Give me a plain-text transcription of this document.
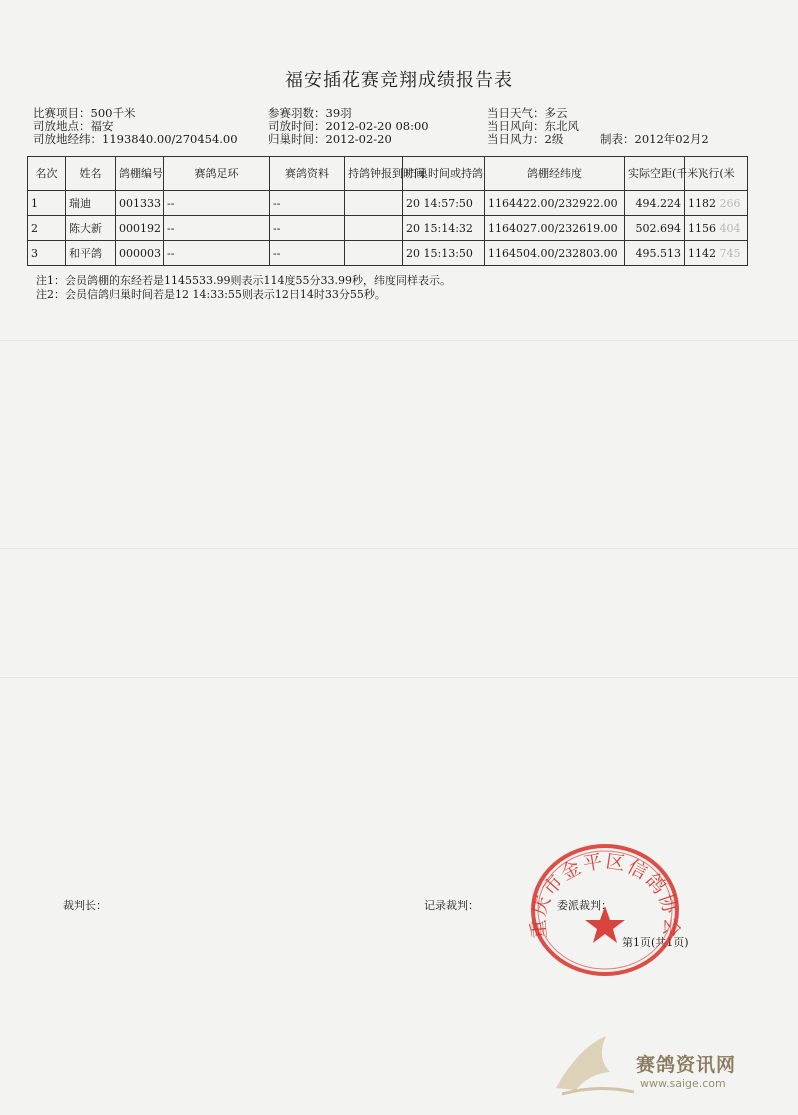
福安插花赛竞翔成绩报告表
比赛项目：500千米
司放地点：福安
司放地经纬：1193840.00/270454.00
参赛羽数：39羽
司放时间：2012-02-20 08:00
归巢时间：2012-02-20
当日天气：多云
当日风向：东北风
当日风力：2级	制表：2012年02月2
名次	姓名	鸽棚编号	赛鸽足环	赛鸽资料	持鸽钟报到时间	归巢时间或持鸽	鸽棚经纬度	实际空距(千米)	飞行(米
1	瑞迪	001333	--	--		20 14:57:50	1164422.00/232922.00	494.224	1182 266
2	陈大新	000192	--	--		20 15:14:32	1164027.00/232619.00	502.694	1156 404
3	和平鸽	000003	--	--		20 15:13:50	1164504.00/232803.00	495.513	1142 745
注1：会员鸽棚的东经若是1145533.99则表示114度55分33.99秒，纬度同样表示。
注2：会员信鸽归巢时间若是12 14:33:55则表示12日14时33分55秒。
裁判长：	记录裁判：	委派裁判：
第1页(共1页)
重庆市金平区信鸽协会
赛鸽资讯网
www.saige.com
